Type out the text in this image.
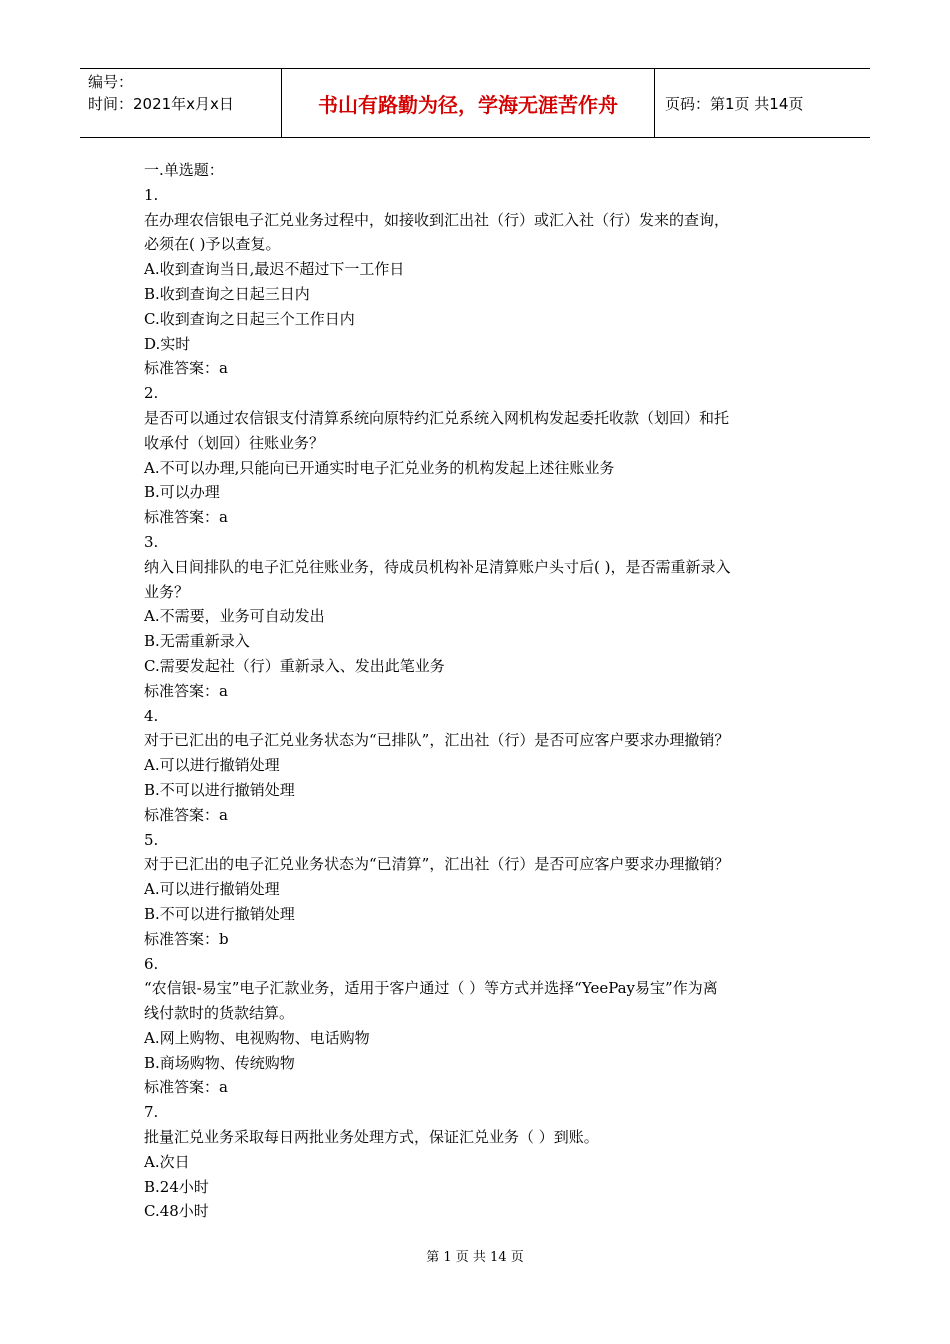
编号：
时间：2021年x月x日	书山有路勤为径，学海无涯苦作舟	页码：第1页 共14页
一.单选题：
1.
在办理农信银电子汇兑业务过程中，如接收到汇出社（行）或汇入社（行）发来的查询，
必须在( )予以查复。
A.收到查询当日,最迟不超过下一工作日
B.收到查询之日起三日内
C.收到查询之日起三个工作日内
D.实时
标准答案：a
2.
是否可以通过农信银支付清算系统向原特约汇兑系统入网机构发起委托收款（划回）和托
收承付（划回）往账业务？
A.不可以办理,只能向已开通实时电子汇兑业务的机构发起上述往账业务
B.可以办理
标准答案：a
3.
纳入日间排队的电子汇兑往账业务，待成员机构补足清算账户头寸后( )，是否需重新录入
业务？
A.不需要，业务可自动发出
B.无需重新录入
C.需要发起社（行）重新录入、发出此笔业务
标准答案：a
4.
对于已汇出的电子汇兑业务状态为“已排队”，汇出社（行）是否可应客户要求办理撤销？
A.可以进行撤销处理
B.不可以进行撤销处理
标准答案：a
5.
对于已汇出的电子汇兑业务状态为“已清算”，汇出社（行）是否可应客户要求办理撤销？
A.可以进行撤销处理
B.不可以进行撤销处理
标准答案：b
6.
“农信银-易宝”电子汇款业务，适用于客户通过（ ）等方式并选择“YeePay易宝”作为离
线付款时的货款结算。
A.网上购物、电视购物、电话购物
B.商场购物、传统购物
标准答案：a
7.
批量汇兑业务采取每日两批业务处理方式，保证汇兑业务（ ）到账。
A.次日
B.24小时
C.48小时
第 1 页 共 14 页
